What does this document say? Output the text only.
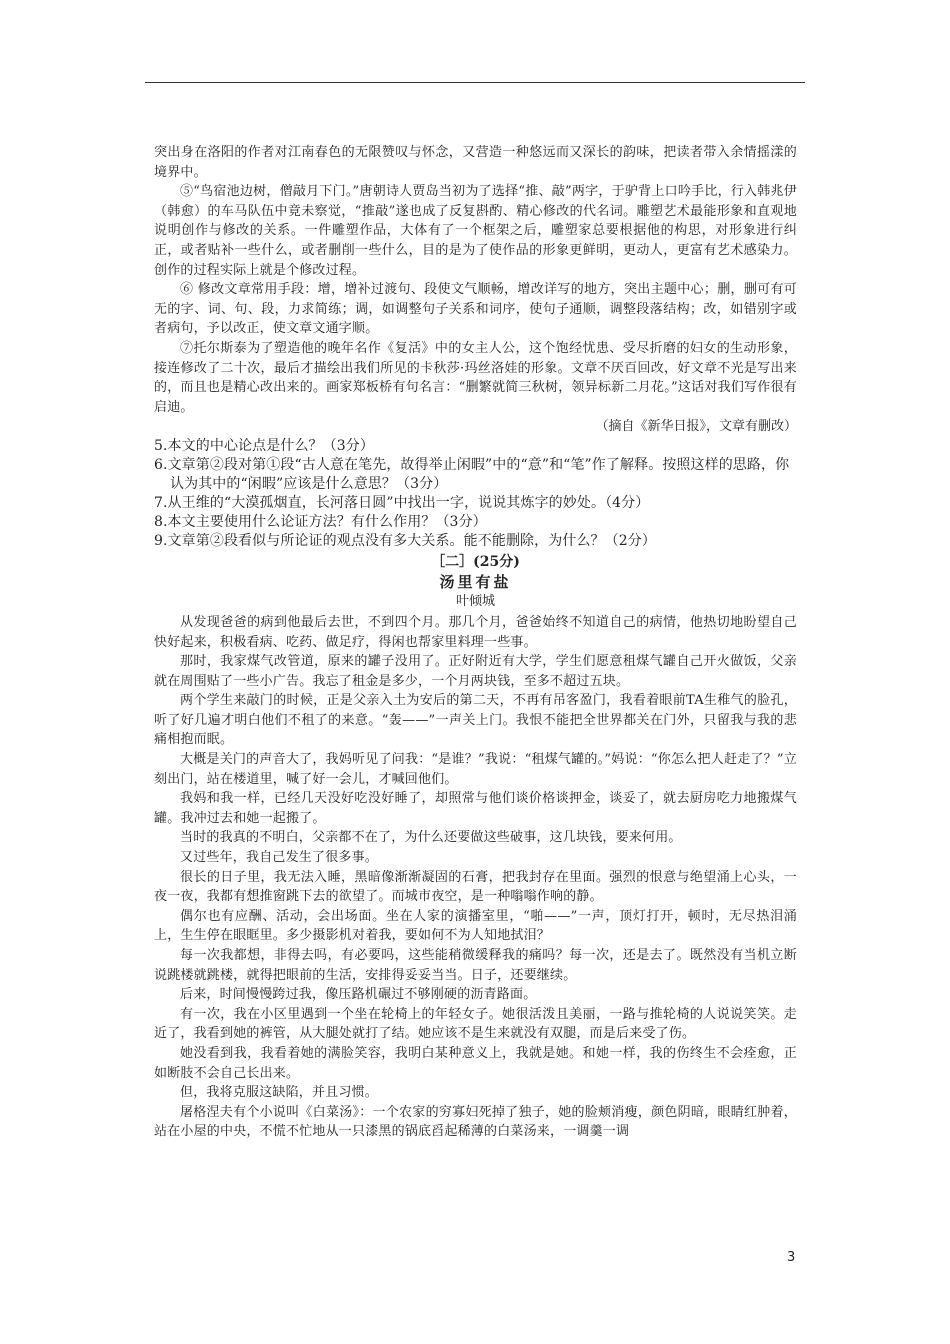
突出身在洛阳的作者对江南春色的无限赞叹与怀念，又营造一种悠远而又深长的韵味，把读者带入余情摇漾的境界中。

⑤“鸟宿池边树，僧敲月下门。”唐朝诗人贾岛当初为了选择“推、敲”两字，于驴背上口吟手比，行入韩兆伊（韩愈）的车马队伍中竟未察觉，“推敲”遂也成了反复斟酌、精心修改的代名词。雕塑艺术最能形象和直观地说明创作与修改的关系。一件雕塑作品，大体有了一个框架之后，雕塑家总要根据他的构思，对形象进行纠正，或者贴补一些什么，或者删削一些什么，目的是为了使作品的形象更鲜明，更动人，更富有艺术感染力。创作的过程实际上就是个修改过程。

⑥ 修改文章常用手段：增，增补过渡句、段使文气顺畅，增改详写的地方，突出主题中心；删，删可有可无的字、词、句、段，力求简练；调，如调整句子关系和词序，使句子通顺，调整段落结构；改，如错别字或者病句，予以改正，使文章文通字顺。

⑦托尔斯泰为了塑造他的晚年名作《复活》中的女主人公，这个饱经忧患、受尽折磨的妇女的生动形象，接连修改了二十次，最后才描绘出我们所见的卡秋莎·玛丝洛娃的形象。文章不厌百回改，好文章不光是写出来的，而且也是精心改出来的。画家郑板桥有句名言：“删繁就简三秋树，领异标新二月花。”这话对我们写作很有启迪。

（摘自《新华日报》，文章有删改）

5.本文的中心论点是什么？（3分）

6.文章第②段对第①段“古人意在笔先，故得举止闲暇”中的“意”和“笔”作了解释。按照这样的思路，你认为其中的“闲暇”应该是什么意思？（3分）

7.从王维的“大漠孤烟直，长河落日圆”中找出一字，说说其炼字的妙处。（4分）

8.本文主要使用什么论证方法？有什么作用？（3分）

9.文章第②段看似与所论证的观点没有多大关系。能不能删除，为什么？（2分）

［二］(25分)

汤里有盐

叶倾城

从发现爸爸的病到他最后去世，不到四个月。那几个月，爸爸始终不知道自己的病情，他热切地盼望自己快好起来，积极看病、吃药、做足疗，得闲也帮家里料理一些事。

那时，我家煤气改管道，原来的罐子没用了。正好附近有大学，学生们愿意租煤气罐自己开火做饭，父亲就在周围贴了一些小广告。我忘了租金是多少，一个月两块钱，至多不超过五块。

两个学生来敲门的时候，正是父亲入土为安后的第二天，不再有吊客盈门，我看着眼前TA生稚气的脸孔，听了好几遍才明白他们不租了的来意。“轰——”一声关上门。我恨不能把全世界都关在门外，只留我与我的悲痛相抱而眠。

大概是关门的声音大了，我妈听见了问我：“是谁？”我说：“租煤气罐的。”妈说：“你怎么把人赶走了？”立刻出门，站在楼道里，喊了好一会儿，才喊回他们。

我妈和我一样，已经几天没好吃没好睡了，却照常与他们谈价格谈押金，谈妥了，就去厨房吃力地搬煤气罐。我冲过去和她一起搬了。

当时的我真的不明白，父亲都不在了，为什么还要做这些破事，这几块钱，要来何用。

又过些年，我自己发生了很多事。

很长的日子里，我无法入睡，黑暗像渐渐凝固的石膏，把我封存在里面。强烈的恨意与绝望涌上心头，一夜一夜，我都有想推窗跳下去的欲望了。而城市夜空，是一种嗡嗡作响的静。

偶尔也有应酬、活动，会出场面。坐在人家的演播室里，“啪——”一声，顶灯打开，顿时，无尽热泪涌上，生生停在眼眶里。多少摄影机对着我，要如何不为人知地拭泪？

每一次我都想，非得去吗，有必要吗，这些能稍微缓释我的痛吗？每一次，还是去了。既然没有当机立断说跳楼就跳楼，就得把眼前的生活，安排得妥妥当当。日子，还要继续。

后来，时间慢慢跨过我，像压路机碾过不够刚硬的沥青路面。

有一次，我在小区里遇到一个坐在轮椅上的年轻女子。她很活泼且美丽，一路与推轮椅的人说说笑笑。走近了，我看到她的裤管，从大腿处就打了结。她应该不是生来就没有双腿，而是后来受了伤。

她没看到我，我看着她的满脸笑容，我明白某种意义上，我就是她。和她一样，我的伤终生不会痊愈，正如断肢不会自己长出来。

但，我将克服这缺陷，并且习惯。

屠格涅夫有个小说叫《白菜汤》：一个农家的穷寡妇死掉了独子，她的脸颊消瘦，颜色阴暗，眼睛红肿着，站在小屋的中央，不慌不忙地从一只漆黑的锅底舀起稀薄的白菜汤来，一调羹一调

3
